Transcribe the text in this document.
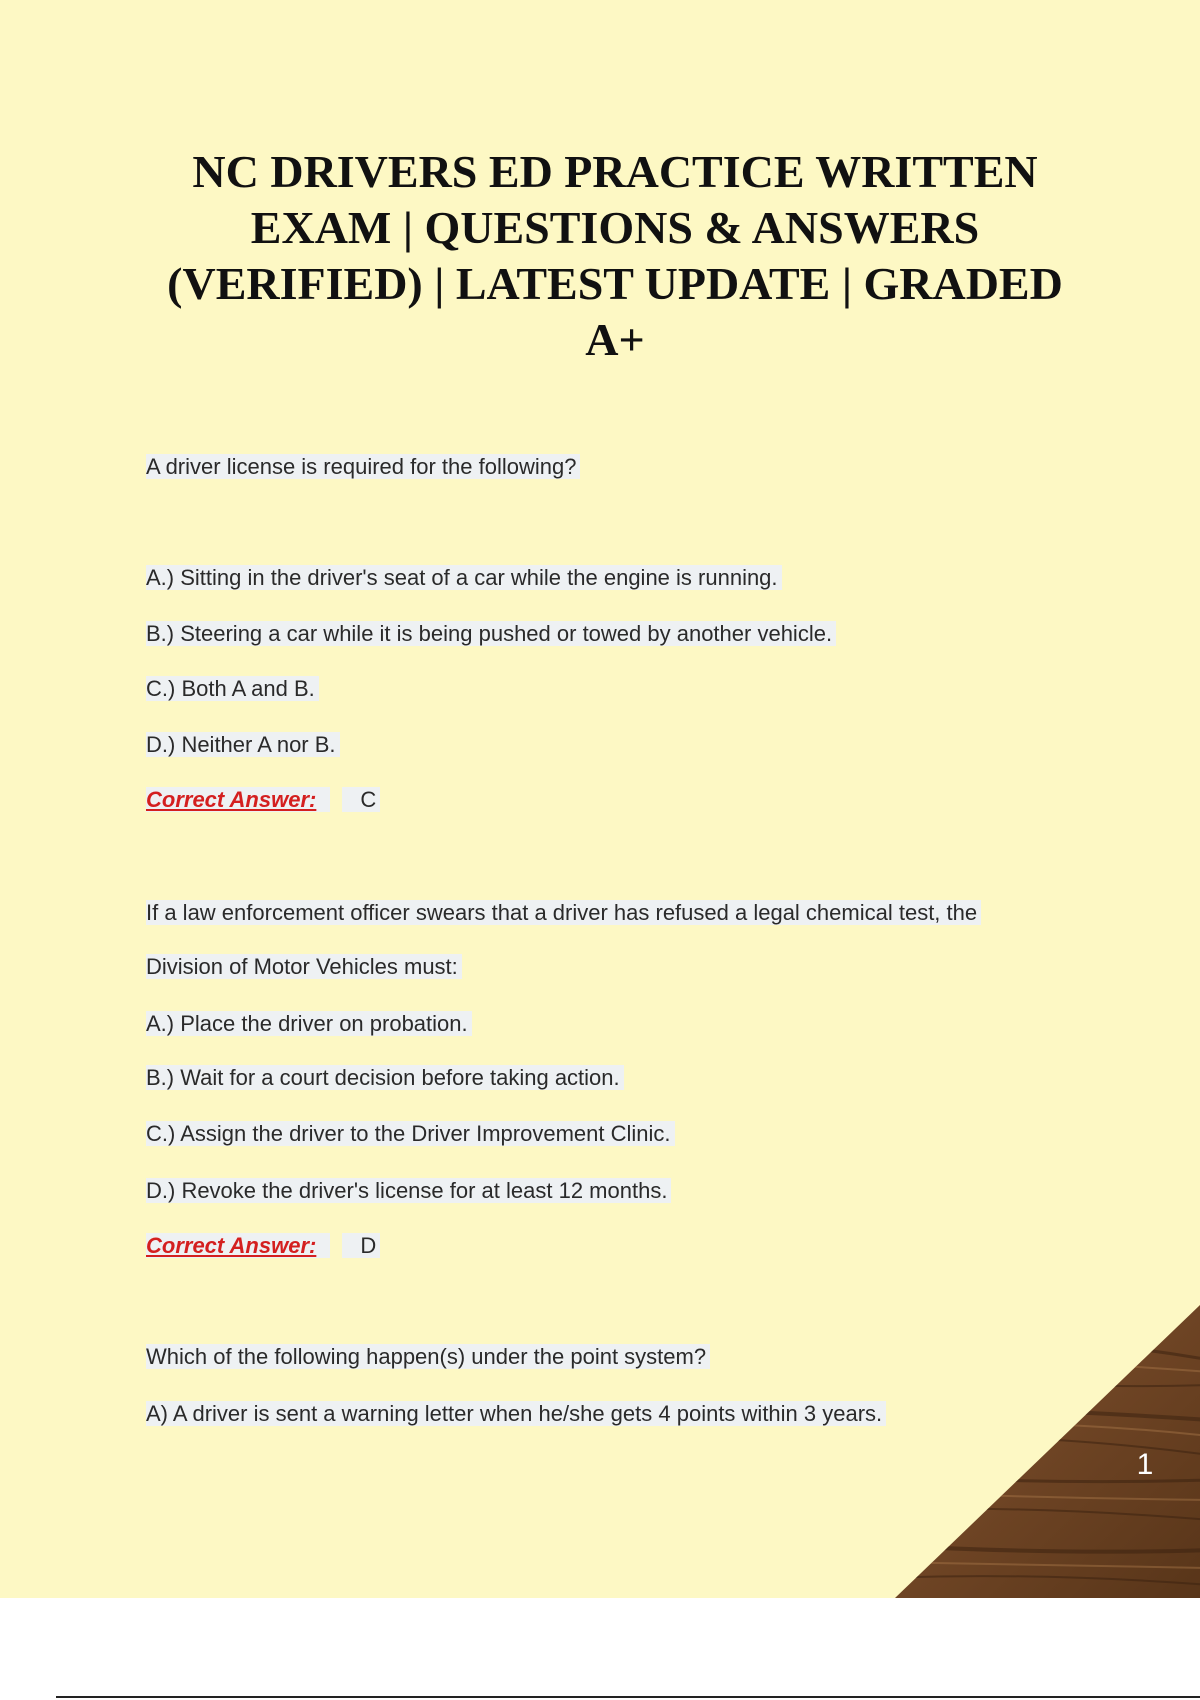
NC DRIVERS ED PRACTICE WRITTEN
EXAM | QUESTIONS & ANSWERS
(VERIFIED) | LATEST UPDATE | GRADED
A+
A driver license is required for the following?
A.) Sitting in the driver's seat of a car while the engine is running.
B.) Steering a car while it is being pushed or towed by another vehicle.
C.) Both A and B.
D.) Neither A nor B.
Correct Answer: C
If a law enforcement officer swears that a driver has refused a legal chemical test, the
Division of Motor Vehicles must:
A.) Place the driver on probation.
B.) Wait for a court decision before taking action.
C.) Assign the driver to the Driver Improvement Clinic.
D.) Revoke the driver's license for at least 12 months.
Correct Answer: D
Which of the following happen(s) under the point system?
A) A driver is sent a warning letter when he/she gets 4 points within 3 years.
1
